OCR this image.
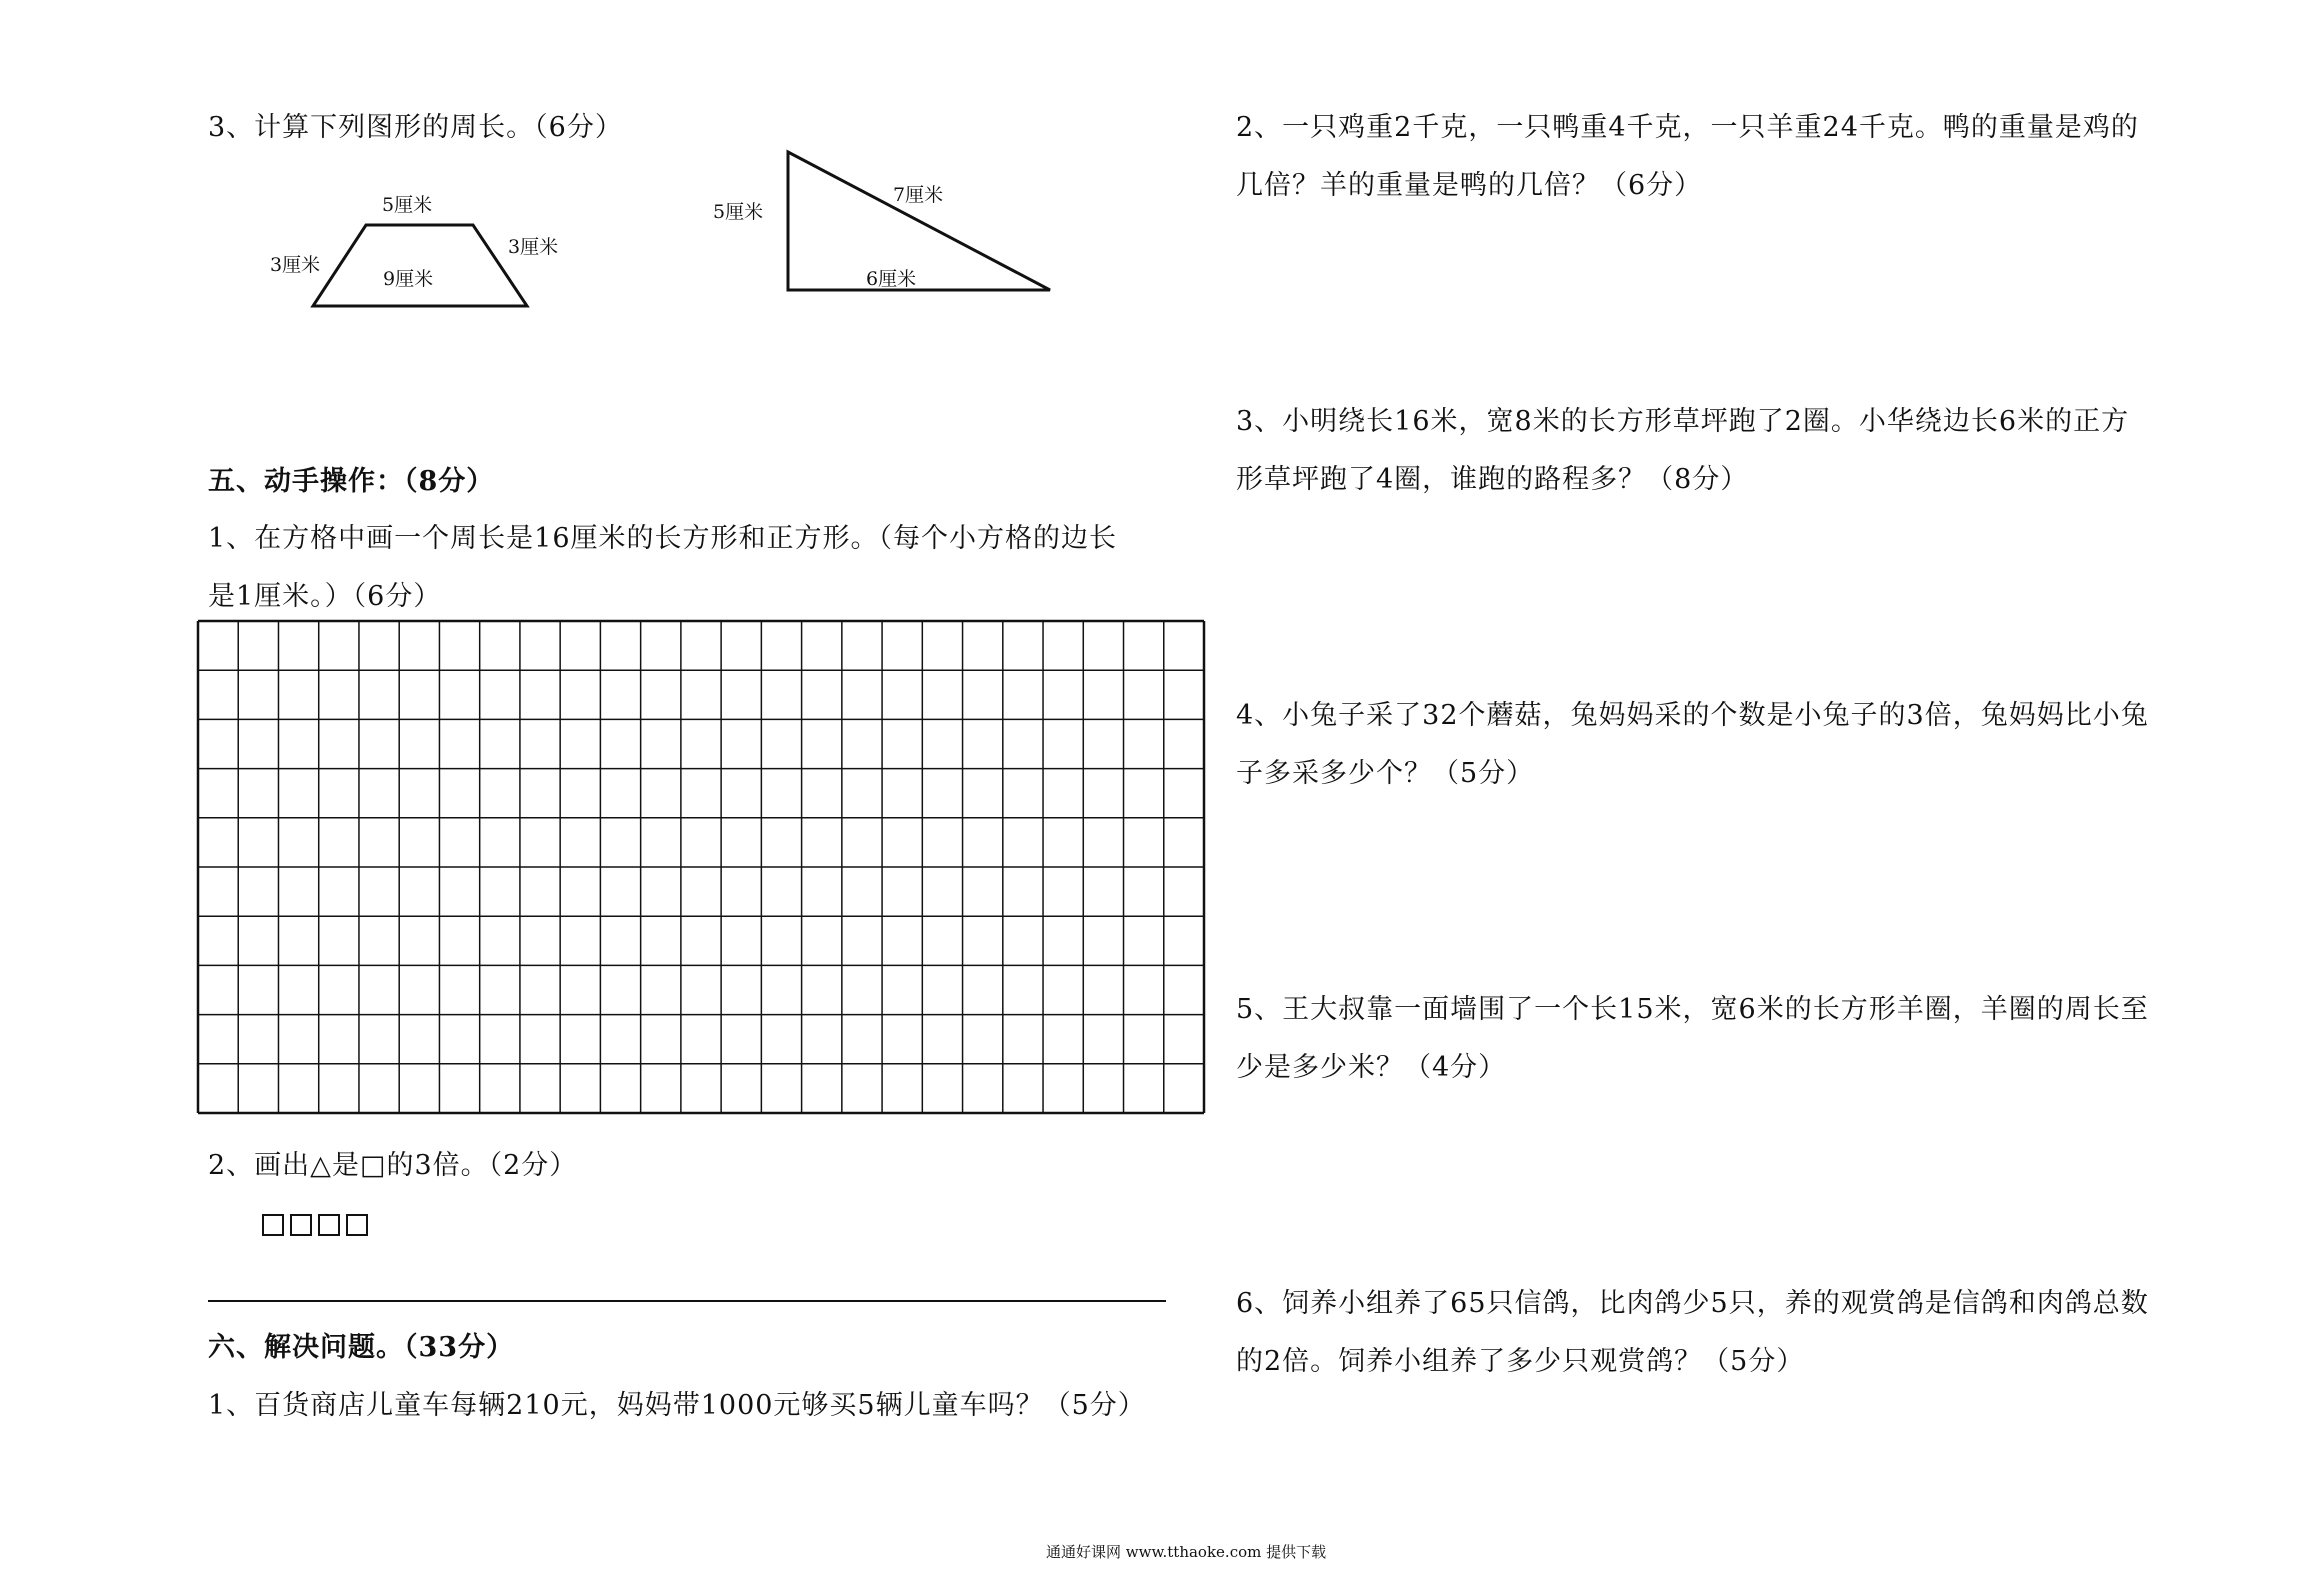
3、计算下列图形的周长。（6分）
5厘米
3厘米
3厘米
9厘米
5厘米
7厘米
6厘米
五、动手操作：（8分）
1、在方格中画一个周长是16厘米的长方形和正方形。（每个小方格的边长
是1厘米。）（6分）
2、画出△是□的3倍。（2分）
六、解决问题。（33分）
1、百货商店儿童车每辆210元，妈妈带1000元够买5辆儿童车吗？（5分）
2、一只鸡重2千克，一只鸭重4千克，一只羊重24千克。鸭的重量是鸡的
几倍？羊的重量是鸭的几倍？（6分）
3、小明绕长16米，宽8米的长方形草坪跑了2圈。小华绕边长6米的正方
形草坪跑了4圈，谁跑的路程多？（8分）
4、小兔子采了32个蘑菇，兔妈妈采的个数是小兔子的3倍，兔妈妈比小兔
子多采多少个？（5分）
5、王大叔靠一面墙围了一个长15米，宽6米的长方形羊圈，羊圈的周长至
少是多少米？（4分）
6、饲养小组养了65只信鸽，比肉鸽少5只，养的观赏鸽是信鸽和肉鸽总数
的2倍。饲养小组养了多少只观赏鸽？（5分）
通通好课网 www.tthaoke.com 提供下载
